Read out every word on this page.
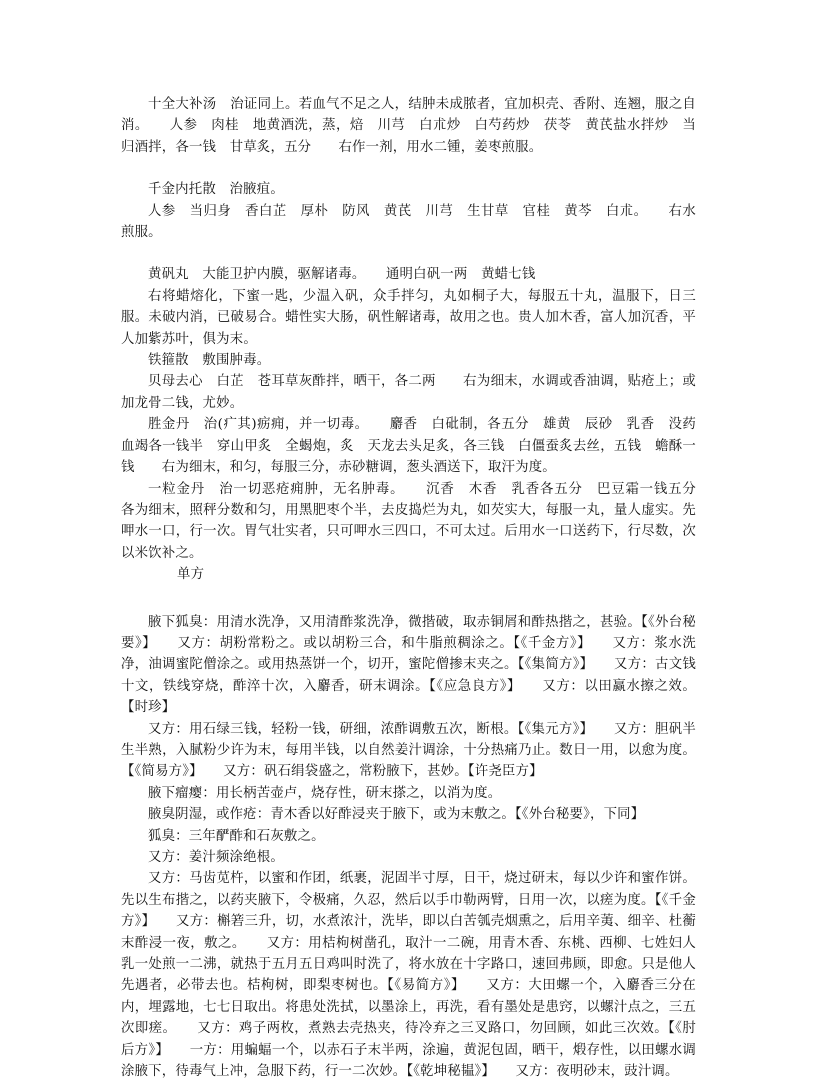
十全大补汤　治证同上。若血气不足之人，结肿未成脓者，宜加枳壳、香附、连翘，服之自消。　　人参　肉桂　地黄酒洗，蒸，焙　川芎　白朮炒　白芍药炒　茯苓　黄芪盐水拌炒　当归酒拌，各一钱　甘草炙，五分　　右作一剂，用水二锺，姜枣煎服。

千金内托散　治腋疽。

人参　当归身　香白芷　厚朴　防风　黄芪　川芎　生甘草　官桂　黄芩　白朮。　　右水煎服。

黄矾丸　大能卫护内膜，驱解诸毒。　　通明白矾一两　黄蜡七钱

右将蜡熔化，下蜜一匙，少温入矾，众手拌匀，丸如桐子大，每服五十丸，温服下，日三服。未破内消，已破易合。蜡性实大肠，矾性解诸毒，故用之也。贵人加木香，富人加沉香，平人加紫苏叶，俱为末。

铁箍散　敷围肿毒。

贝母去心　白芷　苍耳草灰酢拌，晒干，各二两　　右为细末，水调或香油调，贴疮上；或加龙骨二钱，尤妙。

胜金丹　治(疒其)疬痈，并一切毒。　　麝香　白砒制，各五分　雄黄　辰砂　乳香　没药　血竭各一钱半　穿山甲炙　全蝎炮，炙　天龙去头足炙，各三钱　白僵蚕炙去丝，五钱　蟾酥一钱　　右为细末，和匀，每服三分，赤砂糖调，葱头酒送下，取汗为度。

一粒金丹　治一切恶疮痈肿，无名肿毒。　　沉香　木香　乳香各五分　巴豆霜一钱五分　各为细末，照秤分数和匀，用黑肥枣个半，去皮捣烂为丸，如芡实大，每服一丸，量人虚实。先呷水一口，行一次。胃气壮实者，只可呷水三四口，不可太过。后用水一口送药下，行尽数，次以米饮补之。

单方

腋下狐臭：用清水洗净，又用清酢浆洗净，微揩破，取赤铜屑和酢热揩之，甚验。【《外台秘要》】　　又方：胡粉常粉之。或以胡粉三合，和牛脂煎稠涂之。【《千金方》】　　又方：浆水洗净，油调蜜陀僧涂之。或用热蒸饼一个，切开，蜜陀僧掺末夹之。【《集简方》】　　又方：古文钱十文，铁线穿烧，酢淬十次，入麝香，研末调涂。【《应急良方》】　　又方：以田赢水擦之效。【时珍】

又方：用石绿三钱，轻粉一钱，研细，浓酢调敷五次，断根。【《集元方》】　　又方：胆矾半生半熟，入腻粉少许为末，每用半钱，以自然姜汁调涂，十分热痛乃止。数日一用，以愈为度。【《简易方》】　　又方：矾石绢袋盛之，常粉腋下，甚妙。【许尧臣方】

腋下瘤瘿：用长柄苦壶卢，烧存性，研末搽之，以消为度。

腋臭阴湿，或作疮：青木香以好酢浸夹于腋下，或为末敷之。【《外台秘要》，下同】

狐臭：三年酽酢和石灰敷之。

又方：姜汁频涂绝根。

又方：马齿苋杵，以蜜和作团，纸裹，泥固半寸厚，日干，烧过研末，每以少许和蜜作饼。先以生布揩之，以药夹腋下，令极痛，久忍，然后以手巾勒两臂，日用一次，以瘥为度。【《千金方》】　　又方：槲箬三升，切，水煮浓汁，洗毕，即以白苦瓠壳烟熏之，后用辛荑、细辛、杜蘅末酢浸一夜，敷之。　　又方：用桔枸树凿孔，取汁一二碗，用青木香、东桃、西柳、七姓妇人乳一处煎一二沸，就热于五月五日鸡叫时洗了，将水放在十字路口，速回弗顾，即愈。只是他人先遇者，必带去也。桔枸树，即梨枣树也。【《易简方》】　　又方：大田螺一个，入麝香三分在内，埋露地，七七日取出。将患处洗拭，以墨涂上，再洗，看有墨处是患窍，以螺汁点之，三五次即瘥。　　又方：鸡子两枚，煮熟去壳热夹，待冷弃之三叉路口，勿回顾，如此三次效。【《肘后方》】　　一方：用蝙蝠一个，以赤石子末半两，涂遍，黄泥包固，晒干，煅存性，以田螺水调涂腋下，待毒气上冲，急服下药，行一二次妙。【《乾坤秘韫》】　　又方：夜明砂末，豉汁调。
